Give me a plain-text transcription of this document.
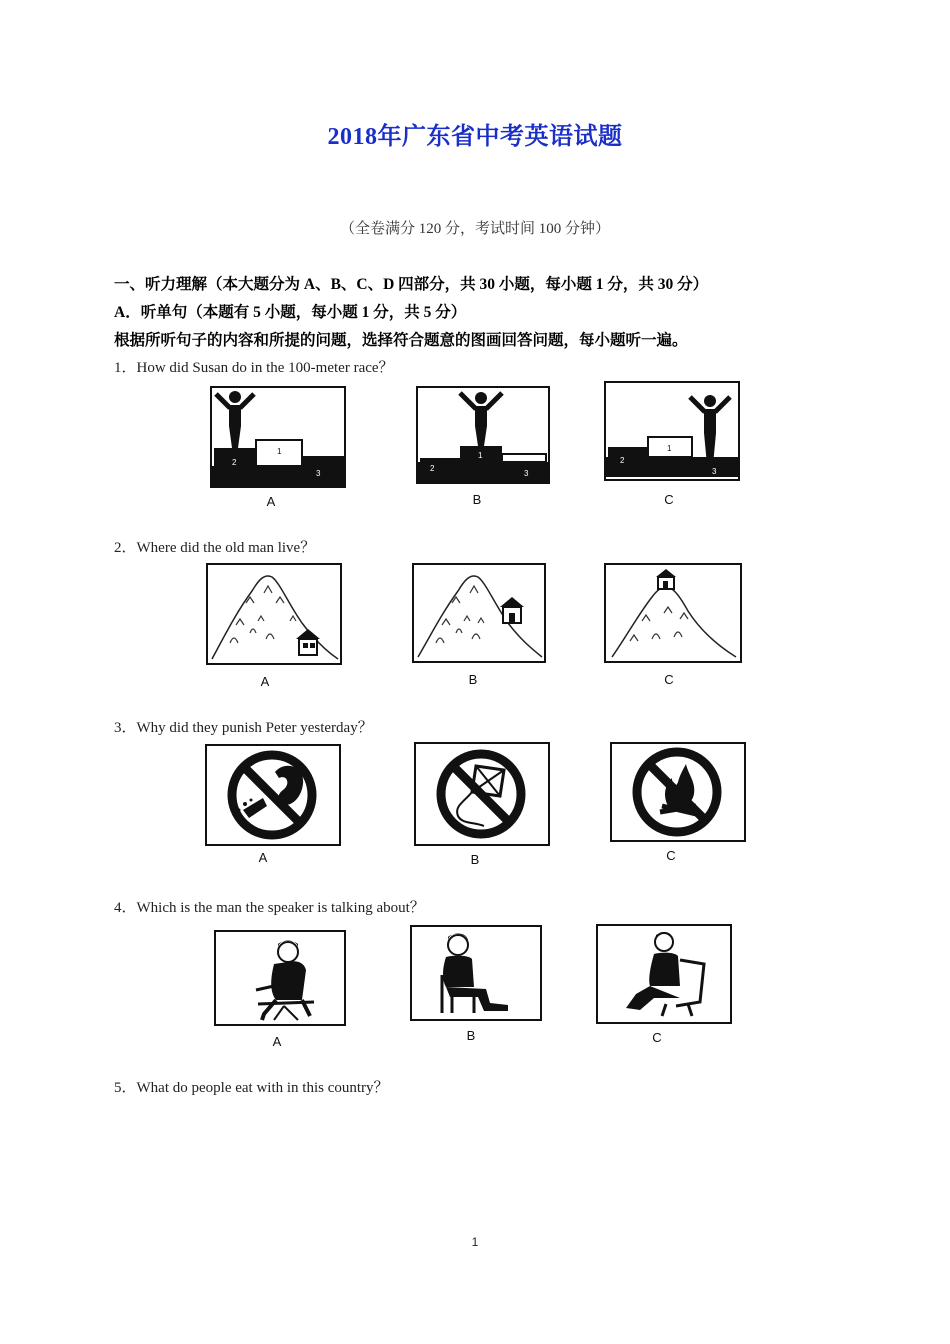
2018年广东省中考英语试题
（全卷满分 120 分，考试时间 100 分钟）
一、听力理解（本大题分为 A、B、C、D 四部分，共 30 小题，每小题 1 分，共 30 分）
A．听单句（本题有 5 小题，每小题 1 分，共 5 分）
根据所听句子的内容和所提的问题，选择符合题意的图画回答问题，每小题听一遍。
1．How did Susan do in the 100-meter race？
2
1
3
A
2
1
3
B
2
1
3
C
2．Where did the old man live？
A	B	C
3．Why did they punish Peter yesterday？
A	B	C
4．Which is the man the speaker is talking about？
A	B	C
5．What do people eat with in this country？
1
